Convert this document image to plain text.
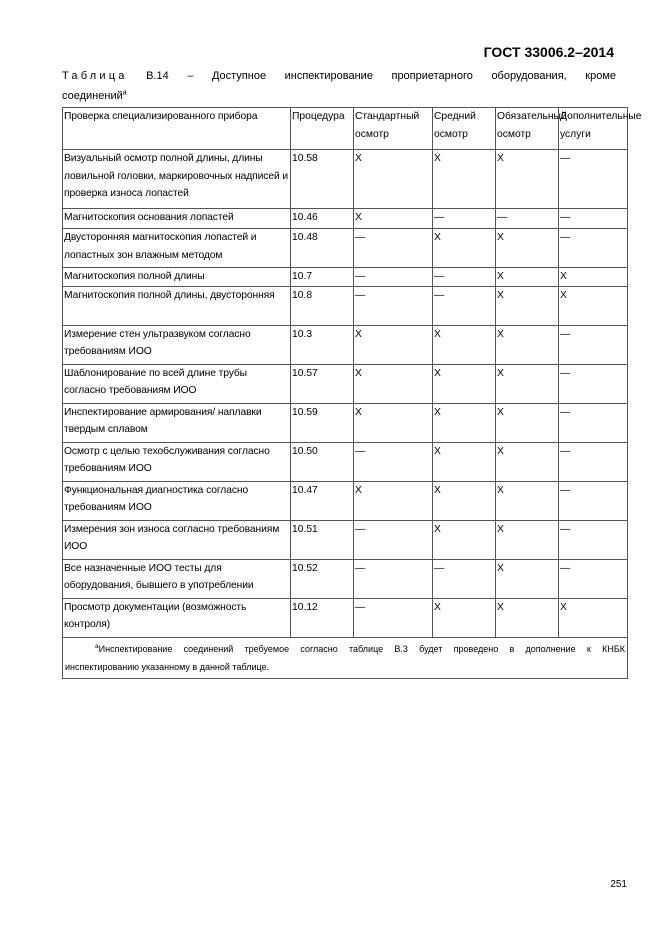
ГОСТ 33006.2–2014
Таблица В.14 – Доступное инспектирование проприетарного оборудования, кроме
соединений$^а$
Проверка специализированного прибора	Процедура	Стандартный осмотр	Средний осмотр	Обязательный осмотр	Дополнительные услуги
Визуальный осмотр полной длины, длины ловильной головки, маркировочных надписей и проверка износа лопастей	10.58	X	X	X	—
Магнитоскопия основания лопастей	10.46	X	—	—	—
Двусторонняя магнитоскопия лопастей и лопастных зон влажным методом	10.48	—	X	X	—
Магнитоскопия полной длины	10.7	—	—	X	X
Магнитоскопия полной длины, двусторонняя	10.8	—	—	X	X
Измерение стен ультразвуком согласно требованиям ИОО	10.3	X	X	X	—
Шаблонирование по всей длине трубы согласно требованиям ИОО	10.57	X	X	X	—
Инспектирование армирования/ наплавки твердым сплавом	10.59	X	X	X	—
Осмотр с целью техобслуживания согласно требованиям ИОО	10.50	—	X	X	—
Функциональная диагностика согласно требованиям ИОО	10.47	X	X	X	—
Измерения зон износа согласно требованиям ИОО	10.51	—	X	X	—
Все назначенные ИОО тесты для оборудования, бывшего в употреблении	10.52	—	—	X	—
Просмотр документации (возможность контроля)	10.12	—	X	X	X

$^а$Инспектирование соединений требуемое согласно таблице В.3 будет проведено в дополнение к КНБК
инспектированию указанному в данной таблице.					
251
